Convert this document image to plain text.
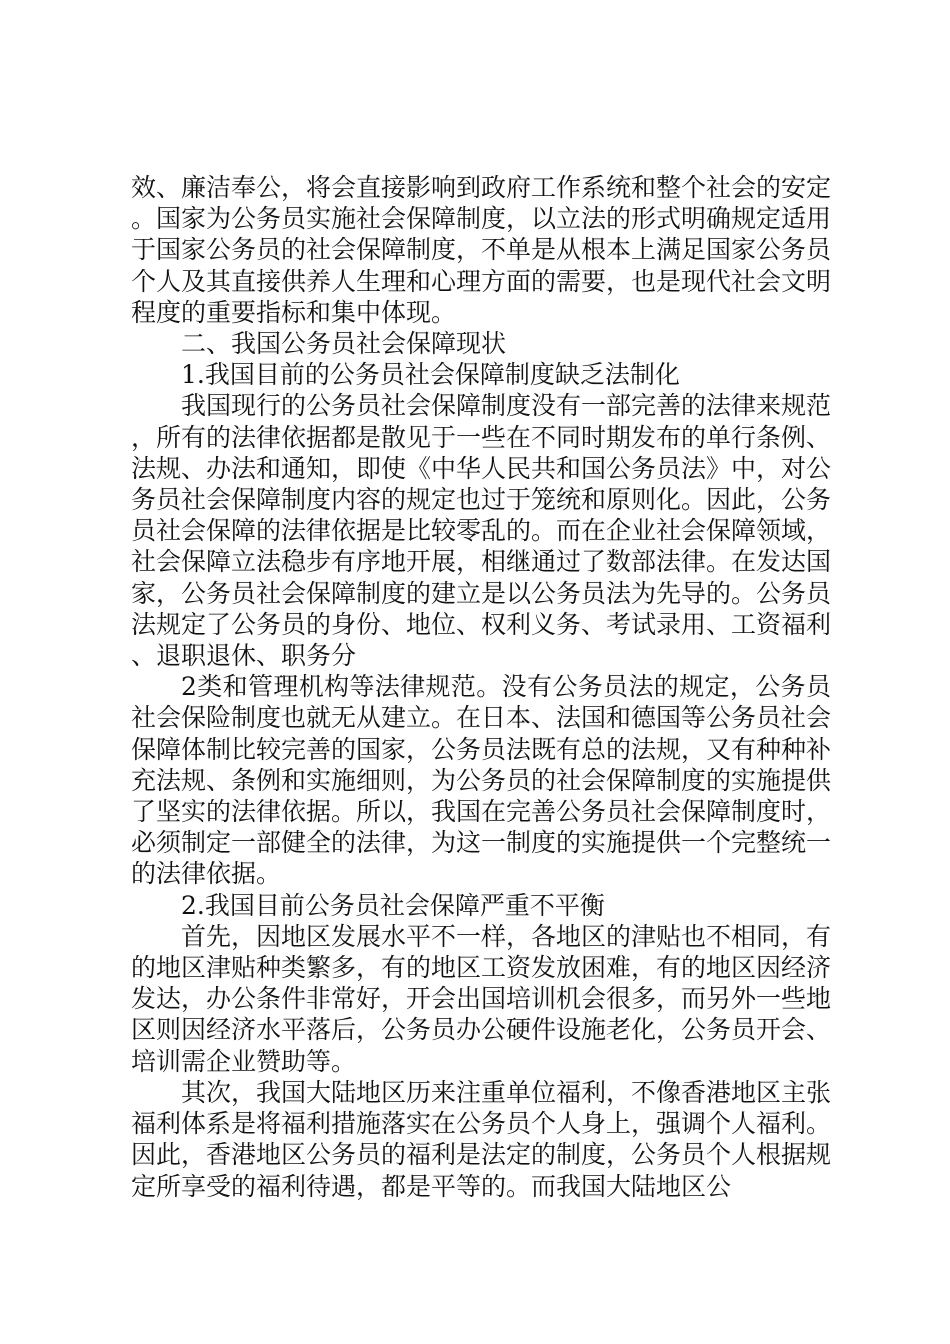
效、廉洁奉公，将会直接影响到政府工作系统和整个社会的安定。国家为公务员实施社会保障制度，以立法的形式明确规定适用于国家公务员的社会保障制度，不单是从根本上满足国家公务员个人及其直接供养人生理和心理方面的需要，也是现代社会文明程度的重要指标和集中体现。

二、我国公务员社会保障现状

1.我国目前的公务员社会保障制度缺乏法制化

我国现行的公务员社会保障制度没有一部完善的法律来规范，所有的法律依据都是散见于一些在不同时期发布的单行条例、法规、办法和通知，即使《中华人民共和国公务员法》中，对公务员社会保障制度内容的规定也过于笼统和原则化。因此，公务员社会保障的法律依据是比较零乱的。而在企业社会保障领域，社会保障立法稳步有序地开展，相继通过了数部法律。在发达国家，公务员社会保障制度的建立是以公务员法为先导的。公务员法规定了公务员的身份、地位、权利义务、考试录用、工资福利、退职退休、职务分

2类和管理机构等法律规范。没有公务员法的规定，公务员社会保险制度也就无从建立。在日本、法国和德国等公务员社会保障体制比较完善的国家，公务员法既有总的法规，又有种种补充法规、条例和实施细则，为公务员的社会保障制度的实施提供了坚实的法律依据。所以，我国在完善公务员社会保障制度时，必须制定一部健全的法律，为这一制度的实施提供一个完整统一的法律依据。

2.我国目前公务员社会保障严重不平衡

首先，因地区发展水平不一样，各地区的津贴也不相同，有的地区津贴种类繁多，有的地区工资发放困难，有的地区因经济发达，办公条件非常好，开会出国培训机会很多，而另外一些地区则因经济水平落后，公务员办公硬件设施老化，公务员开会、培训需企业赞助等。

其次，我国大陆地区历来注重单位福利，不像香港地区主张福利体系是将福利措施落实在公务员个人身上，强调个人福利。因此，香港地区公务员的福利是法定的制度，公务员个人根据规定所享受的福利待遇，都是平等的。而我国大陆地区公
